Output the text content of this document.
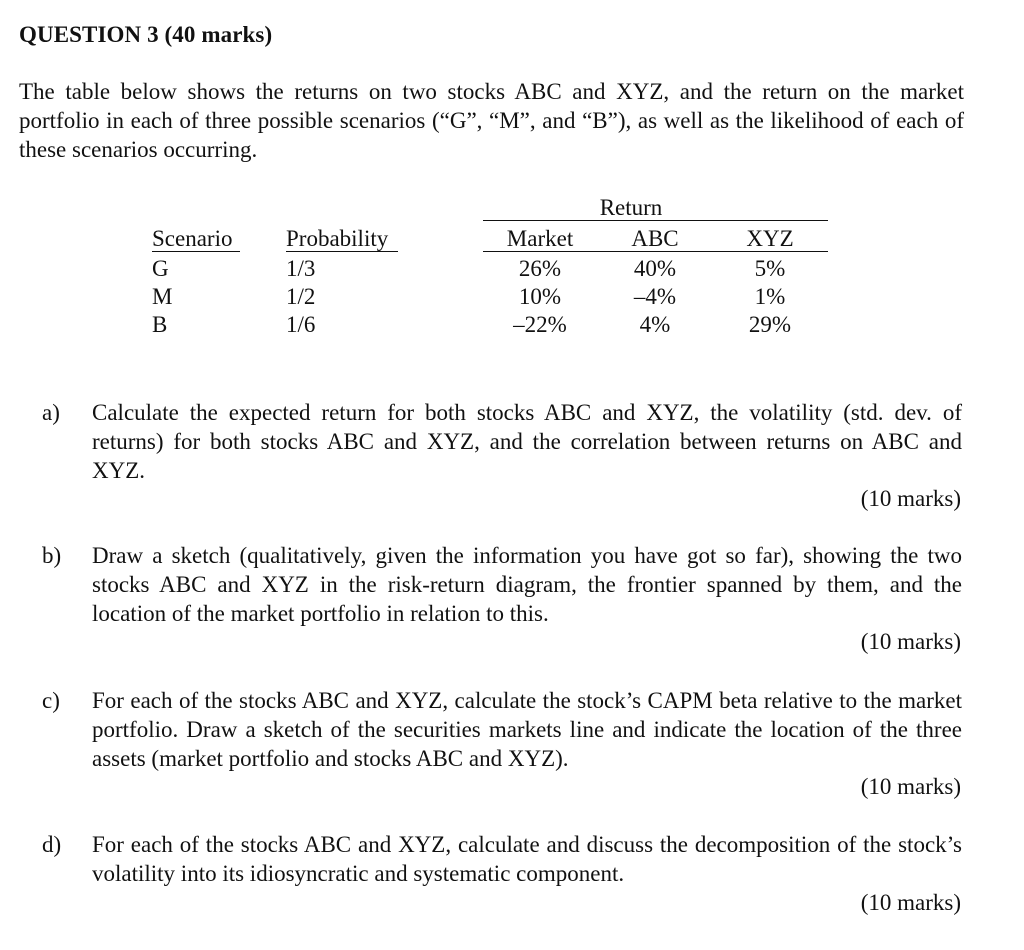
QUESTION 3 (40 marks)
The table below shows the returns on two stocks ABC and XYZ, and the return on the market portfolio in each of three possible scenarios (“G”, “M”, and “B”), as well as the likelihood of each of these scenarios occurring.
Return
Scenario Probability	Market	ABC	XYZ
G	1/3	26%	40%	5%
M	1/2	10%	–4%	1%
B	1/6	–22%	4%	29%
a) Calculate the expected return for both stocks ABC and XYZ, the volatility (std. dev. of returns) for both stocks ABC and XYZ, and the correlation between returns on ABC and XYZ.
(10 marks)
b) Draw a sketch (qualitatively, given the information you have got so far), showing the two stocks ABC and XYZ in the risk-return diagram, the frontier spanned by them, and the location of the market portfolio in relation to this.
(10 marks)
c) For each of the stocks ABC and XYZ, calculate the stock’s CAPM beta relative to the market portfolio. Draw a sketch of the securities markets line and indicate the location of the three assets (market portfolio and stocks ABC and XYZ).
(10 marks)
d) For each of the stocks ABC and XYZ, calculate and discuss the decomposition of the stock’s volatility into its idiosyncratic and systematic component.
(10 marks)
